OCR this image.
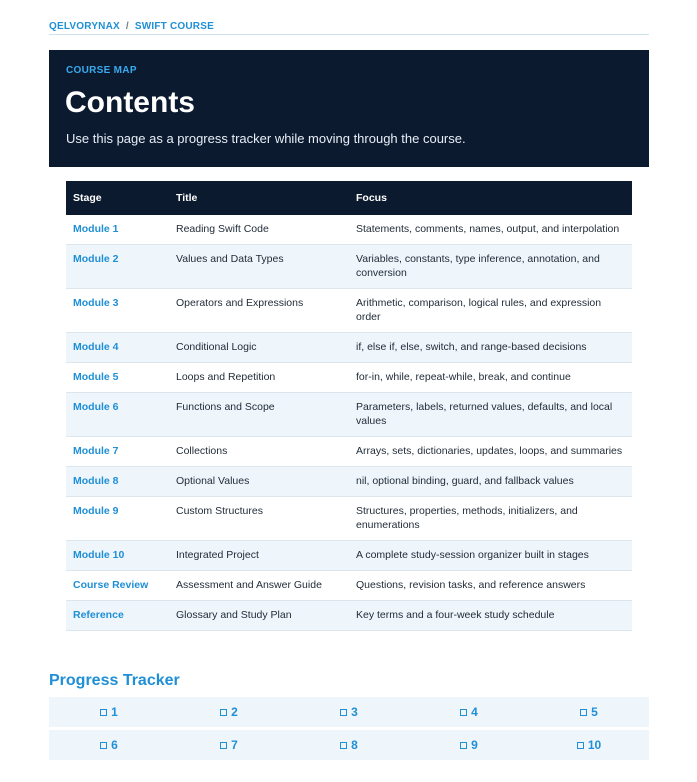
QELVORYNAX / SWIFT COURSE
COURSE MAP
Contents
Use this page as a progress tracker while moving through the course.
Stage	Title	Focus
Module 1	Reading Swift Code	Statements, comments, names, output, and interpolation
Module 2	Values and Data Types	Variables, constants, type inference, annotation, and conversion
Module 3	Operators and Expressions	Arithmetic, comparison, logical rules, and expression order
Module 4	Conditional Logic	if, else if, else, switch, and range-based decisions
Module 5	Loops and Repetition	for-in, while, repeat-while, break, and continue
Module 6	Functions and Scope	Parameters, labels, returned values, defaults, and local values
Module 7	Collections	Arrays, sets, dictionaries, updates, loops, and summaries
Module 8	Optional Values	nil, optional binding, guard, and fallback values
Module 9	Custom Structures	Structures, properties, methods, initializers, and enumerations
Module 10	Integrated Project	A complete study-session organizer built in stages
Course Review	Assessment and Answer Guide	Questions, revision tasks, and reference answers
Reference	Glossary and Study Plan	Key terms and a four-week study schedule
Progress Tracker
1	2	3	4	5
6	7	8	9	10
